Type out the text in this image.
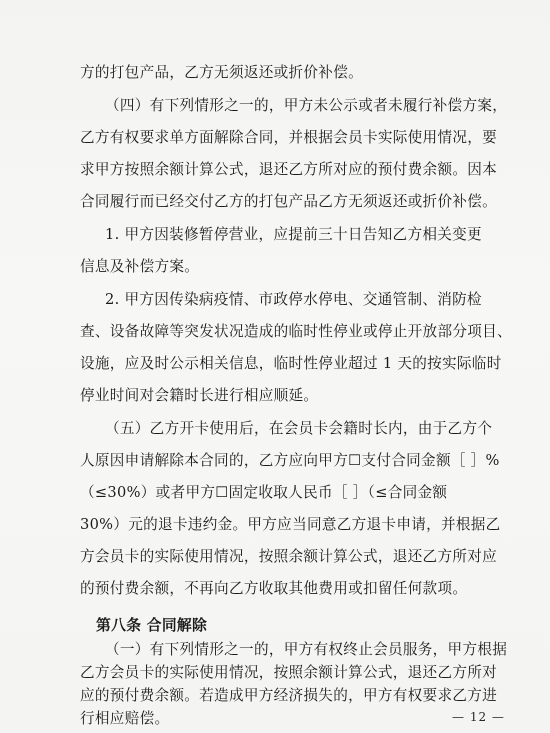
方的打包产品，乙方无须返还或折价补偿。
（四）有下列情形之一的，甲方未公示或者未履行补偿方案，
乙方有权要求单方面解除合同，并根据会员卡实际使用情况，要
求甲方按照余额计算公式，退还乙方所对应的预付费余额。因本
合同履行而已经交付乙方的打包产品乙方无须返还或折价补偿。
1. 甲方因装修暂停营业，应提前三十日告知乙方相关变更
信息及补偿方案。
2. 甲方因传染病疫情、市政停水停电、交通管制、消防检
查、设备故障等突发状况造成的临时性停业或停止开放部分项目、
设施，应及时公示相关信息，临时性停业超过 1 天的按实际临时
停业时间对会籍时长进行相应顺延。
（五）乙方开卡使用后，在会员卡会籍时长内，由于乙方个
人原因申请解除本合同的，乙方应向甲方☐支付合同金额［ ］%
（≤30%）或者甲方☐固定收取人民币［ ］（≤合同金额
30%）元的退卡违约金。甲方应当同意乙方退卡申请，并根据乙
方会员卡的实际使用情况，按照余额计算公式，退还乙方所对应
的预付费余额，不再向乙方收取其他费用或扣留任何款项。
— 12 —
第八条 合同解除
（一）有下列情形之一的，甲方有权终止会员服务，甲方根据
乙方会员卡的实际使用情况，按照余额计算公式，退还乙方所对
应的预付费余额。若造成甲方经济损失的，甲方有权要求乙方进
行相应赔偿。
